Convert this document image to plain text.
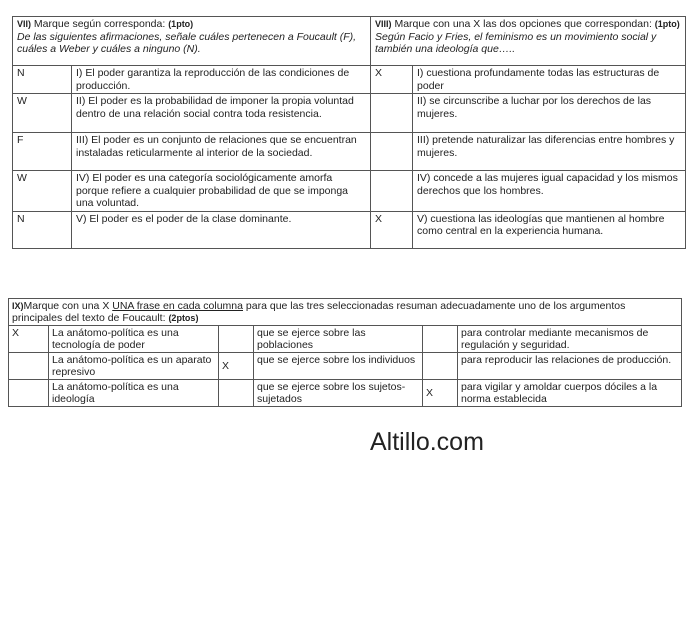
VII) Marque según corresponda: (1pto)
De las siguientes afirmaciones, señale cuáles pertenecen a Foucault (F), cuáles a Weber y cuáles a ninguno (N).		VIII) Marque con una X las dos opciones que correspondan: (1pto) Según Facio y Fries, el feminismo es un movimiento social y también una ideología que…..	
N	I) El poder garantiza la reproducción de las condiciones de producción.	X	I) cuestiona profundamente todas las estructuras de poder
W	II) El poder es la probabilidad de imponer la propia voluntad dentro de una relación social contra toda resistencia.		II) se circunscribe a luchar por los derechos de las mujeres.
F	III) El poder es un conjunto de relaciones que se encuentran instaladas reticularmente al interior de la sociedad.		III) pretende naturalizar las diferencias entre hombres y mujeres.
W	IV) El poder es una categoría sociológicamente amorfa porque refiere a cualquier probabilidad de que se imponga una voluntad.		IV) concede a las mujeres igual capacidad y los mismos derechos que los hombres.
N	V) El poder es el poder de la clase dominante.	X	V) cuestiona las ideologías que mantienen al hombre como central en la experiencia humana.
IX)Marque con una X UNA frase en cada columna para que las tres seleccionadas resuman adecuadamente uno de los argumentos principales del texto de Foucault: (2ptos)					
X	La anátomo-política es una tecnología de poder		que se ejerce sobre las poblaciones		para controlar mediante mecanismos de regulación y seguridad.
	La anátomo-política es un aparato represivo	X	que se ejerce sobre los individuos		para reproducir las relaciones de producción.
	La anátomo-política es una ideología		que se ejerce sobre los sujetos-sujetados	X	para vigilar y amoldar cuerpos dóciles a la norma establecida
Altillo.com
